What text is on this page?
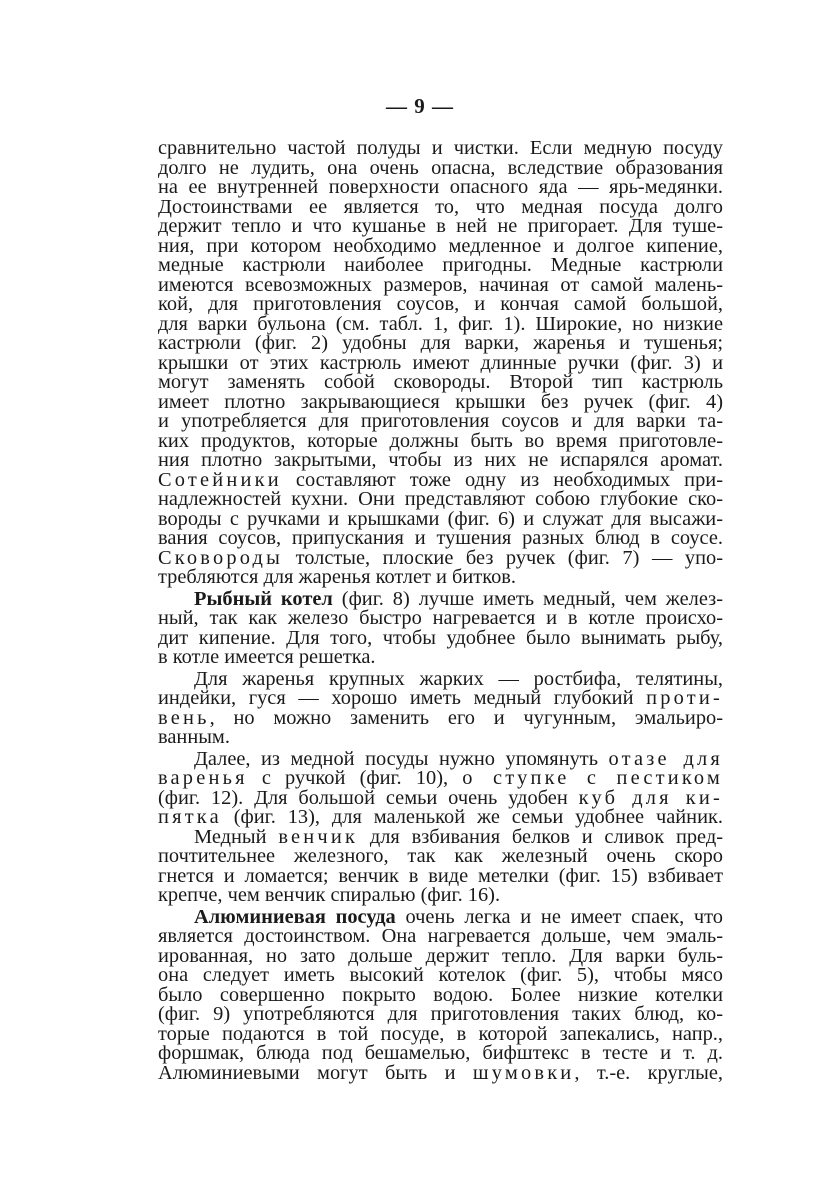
— 9 —
сравнительно частой полуды и чистки. Если медную посуду
долго не лудить, она очень опасна, вследствие образования
на ее внутренней поверхности опасного яда — ярь-медянки.
Достоинствами ее является то, что медная посуда долго
держит тепло и что кушанье в ней не пригорает. Для туше-
ния, при котором необходимо медленное и долгое кипение,
медные кастрюли наиболее пригодны. Медные кастрюли
имеются всевозможных размеров, начиная от самой малень-
кой, для приготовления соусов, и кончая самой большой,
для варки бульона (см. табл. 1, фиг. 1). Широкие, но низкие
кастрюли (фиг. 2) удобны для варки, жаренья и тушенья;
крышки от этих кастрюль имеют длинные ручки (фиг. 3) и
могут заменять собой сковороды. Второй тип кастрюль
имеет плотно закрывающиеся крышки без ручек (фиг. 4)
и употребляется для приготовления соусов и для варки та-
ких продуктов, которые должны быть во время приготовле-
ния плотно закрытыми, чтобы из них не испарялся аромат.
Сотейники составляют тоже одну из необходимых при-
надлежностей кухни. Они представляют собою глубокие ско-
вороды с ручками и крышками (фиг. 6) и служат для высажи-
вания соусов, припускания и тушения разных блюд в соусе.
Сковороды толстые, плоские без ручек (фиг. 7) — упо-
требляются для жаренья котлет и битков.
Рыбный котел (фиг. 8) лучше иметь медный, чем желез-
ный, так как железо быстро нагревается и в котле происхо-
дит кипение. Для того, чтобы удобнее было вынимать рыбу,
в котле имеется решетка.
Для жаренья крупных жарких — ростбифа, телятины,
индейки, гуся — хорошо иметь медный глубокий проти-
вень, но можно заменить его и чугунным, эмальиро-
ванным.
Далее, из медной посуды нужно упомянуть отазе для
варенья с ручкой (фиг. 10), о ступке с пестиком
(фиг. 12). Для большой семьи очень удобен куб для ки-
пятка (фиг. 13), для маленькой же семьи удобнее чайник.
Медный венчик для взбивания белков и сливок пред-
почтительнее железного, так как железный очень скоро
гнется и ломается; венчик в виде метелки (фиг. 15) взбивает
крепче, чем венчик спиралью (фиг. 16).
Алюминиевая посуда очень легка и не имеет спаек, что
является достоинством. Она нагревается дольше, чем эмаль-
ированная, но зато дольше держит тепло. Для варки буль-
она следует иметь высокий котелок (фиг. 5), чтобы мясо
было совершенно покрыто водою. Более низкие котелки
(фиг. 9) употребляются для приготовления таких блюд, ко-
торые подаются в той посуде, в которой запекались, напр.,
форшмак, блюда под бешамелью, бифштекс в тесте и т. д.
Алюминиевыми могут быть и шумовки, т.-е. круглые,
